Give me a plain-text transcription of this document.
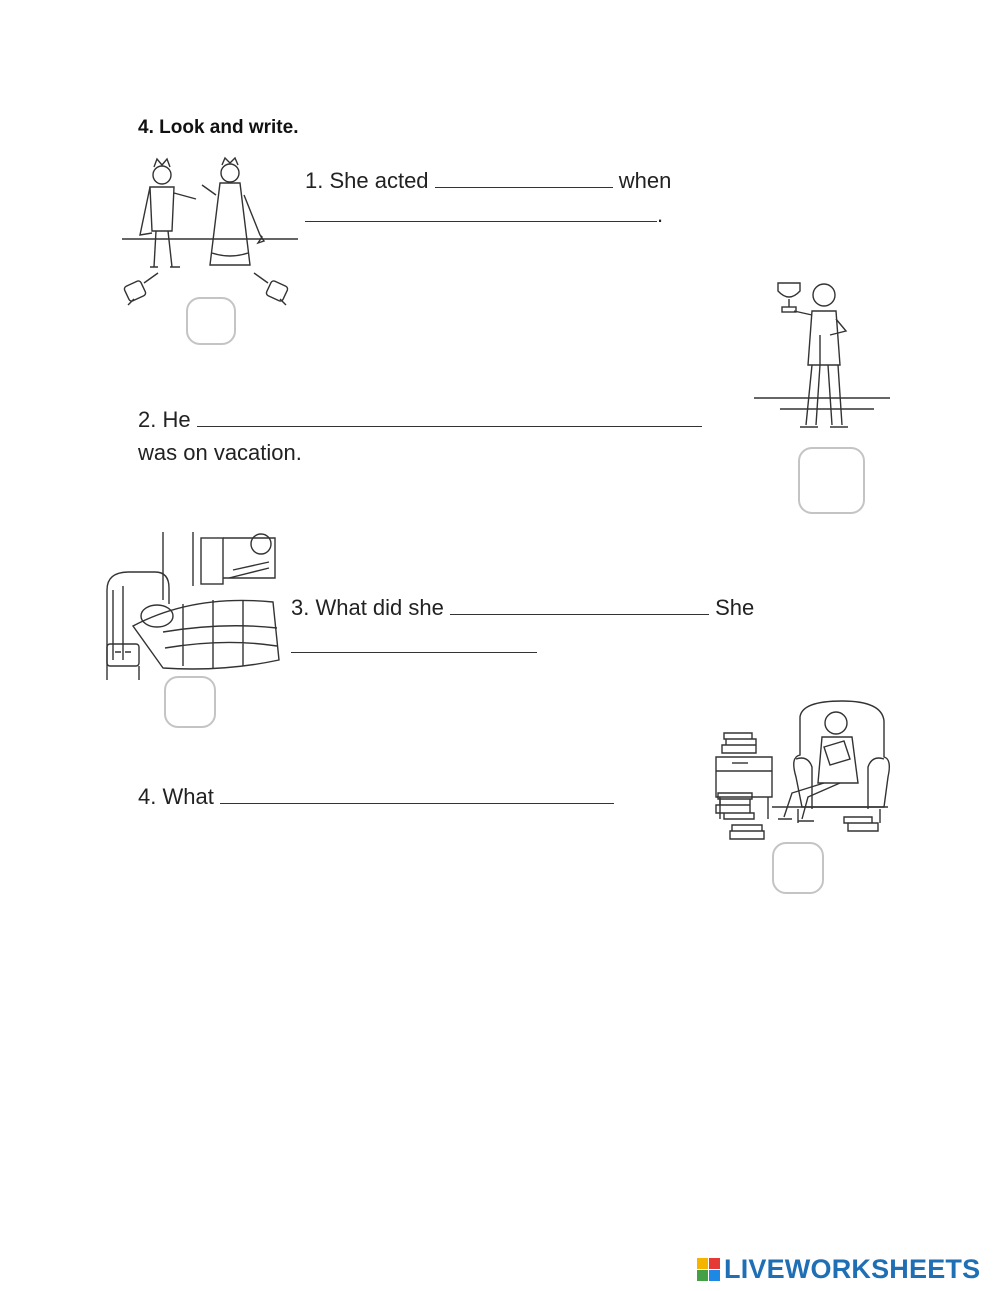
4. Look and write.
1. She acted	when
.
2. He
was on vacation.
3. What did she	She
4. What
LIVEWORKSHEETS
